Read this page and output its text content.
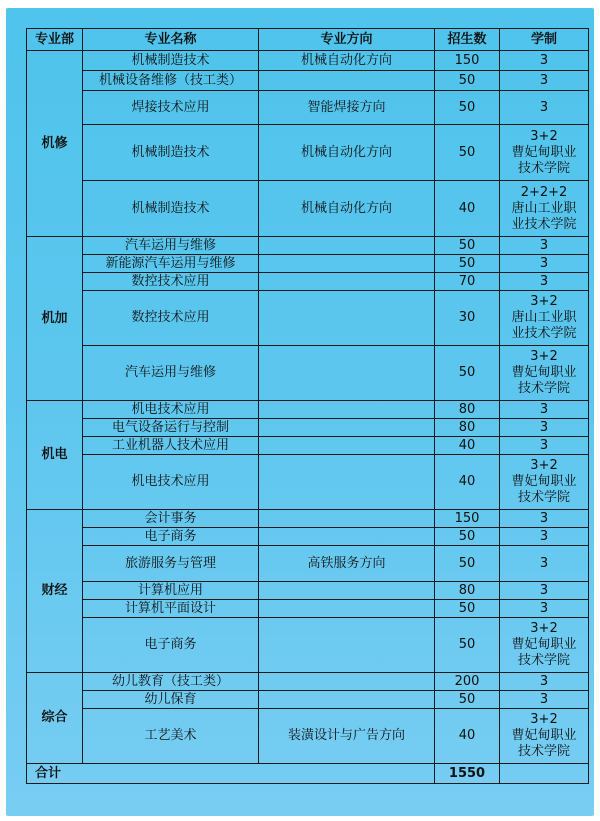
专业部	专业名称	专业方向	招生数	学制
机修	机械制造技术	机械自动化方向	150	3

	机械设备维修（技工类）		50	3

	焊接技术应用	智能焊接方向	50	3

	机械制造技术	机械自动化方向	50	3+2
曹妃甸职业
技术学院

	机械制造技术	机械自动化方向	40	2+2+2
唐山工业职
业技术学院

机加	汽车运用与维修		50	3

	新能源汽车运用与维修		50	3

	数控技术应用		70	3

	数控技术应用		30	3+2
唐山工业职
业技术学院

	汽车运用与维修		50	3+2
曹妃甸职业
技术学院

机电	机电技术应用		80	3

	电气设备运行与控制		80	3

	工业机器人技术应用		40	3

	机电技术应用		40	3+2
曹妃甸职业
技术学院

财经	会计事务		150	3

	电子商务		50	3

	旅游服务与管理	高铁服务方向	50	3

	计算机应用		80	3

	计算机平面设计		50	3

	电子商务		50	3+2
曹妃甸职业
技术学院

综合	幼儿教育（技工类）		200	3

	幼儿保育		50	3

	工艺美术	装潢设计与广告方向	40	3+2
曹妃甸职业
技术学院

合计			1550	
